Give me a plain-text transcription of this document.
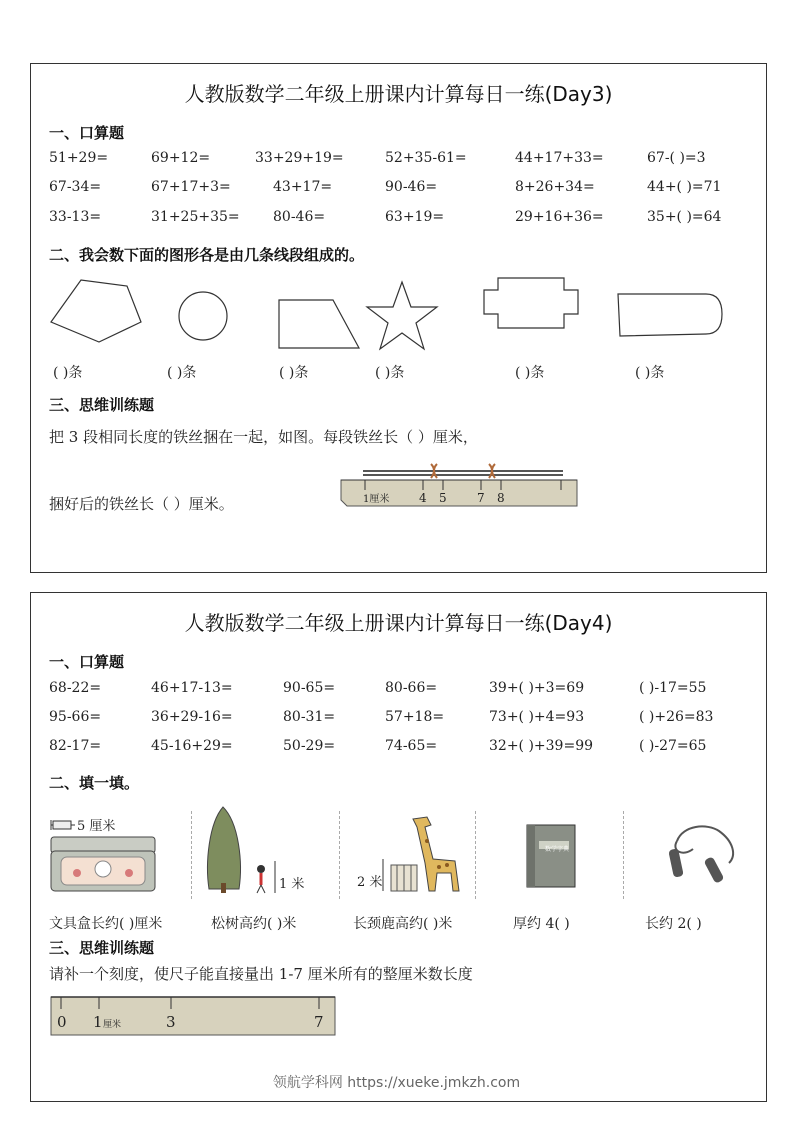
人教版数学二年级上册课内计算每日一练(Day3)
一、口算题
51+29=	69+12=	33+29+19=	52+35-61=	44+17+33=	67-( )=3
67-34=	67+17+3=	43+17=	90-46=	8+26+34=	44+( )=71
33-13=	31+25+35= 80-46=	63+19=	29+16+36=	35+( )=64
二、我会数下面的图形各是由几条线段组成的。
( )条	( )条	( )条	( )条	( )条	( )条
三、思维训练题
把 3 段相同长度的铁丝捆在一起，如图。每段铁丝长（ ）厘米，
捆好后的铁丝长（ ）厘米。	1厘米 4 5	7 8
人教版数学二年级上册课内计算每日一练(Day4)
一、口算题
68-22=	46+17-13=	90-65=	80-66=	39+( )+3=69	( )-17=55
95-66=	36+29-16=	80-31=	57+18=	73+( )+4=93	( )+26=83
82-17=	45-16+29=	50-29=	74-65=	32+( )+39=99	( )-27=65
二、填一填。
5 厘米
1 米	2 米
数学字典
文具盒长约( )厘米	松树高约( )米	长颈鹿高约( )米	厚约 4( )	长约 2( )
三、思维训练题
请补一个刻度，使尺子能直接量出 1-7 厘米所有的整厘米数长度
0 1 厘米	3	7
领航学科网 https://xueke.jmkzh.com
